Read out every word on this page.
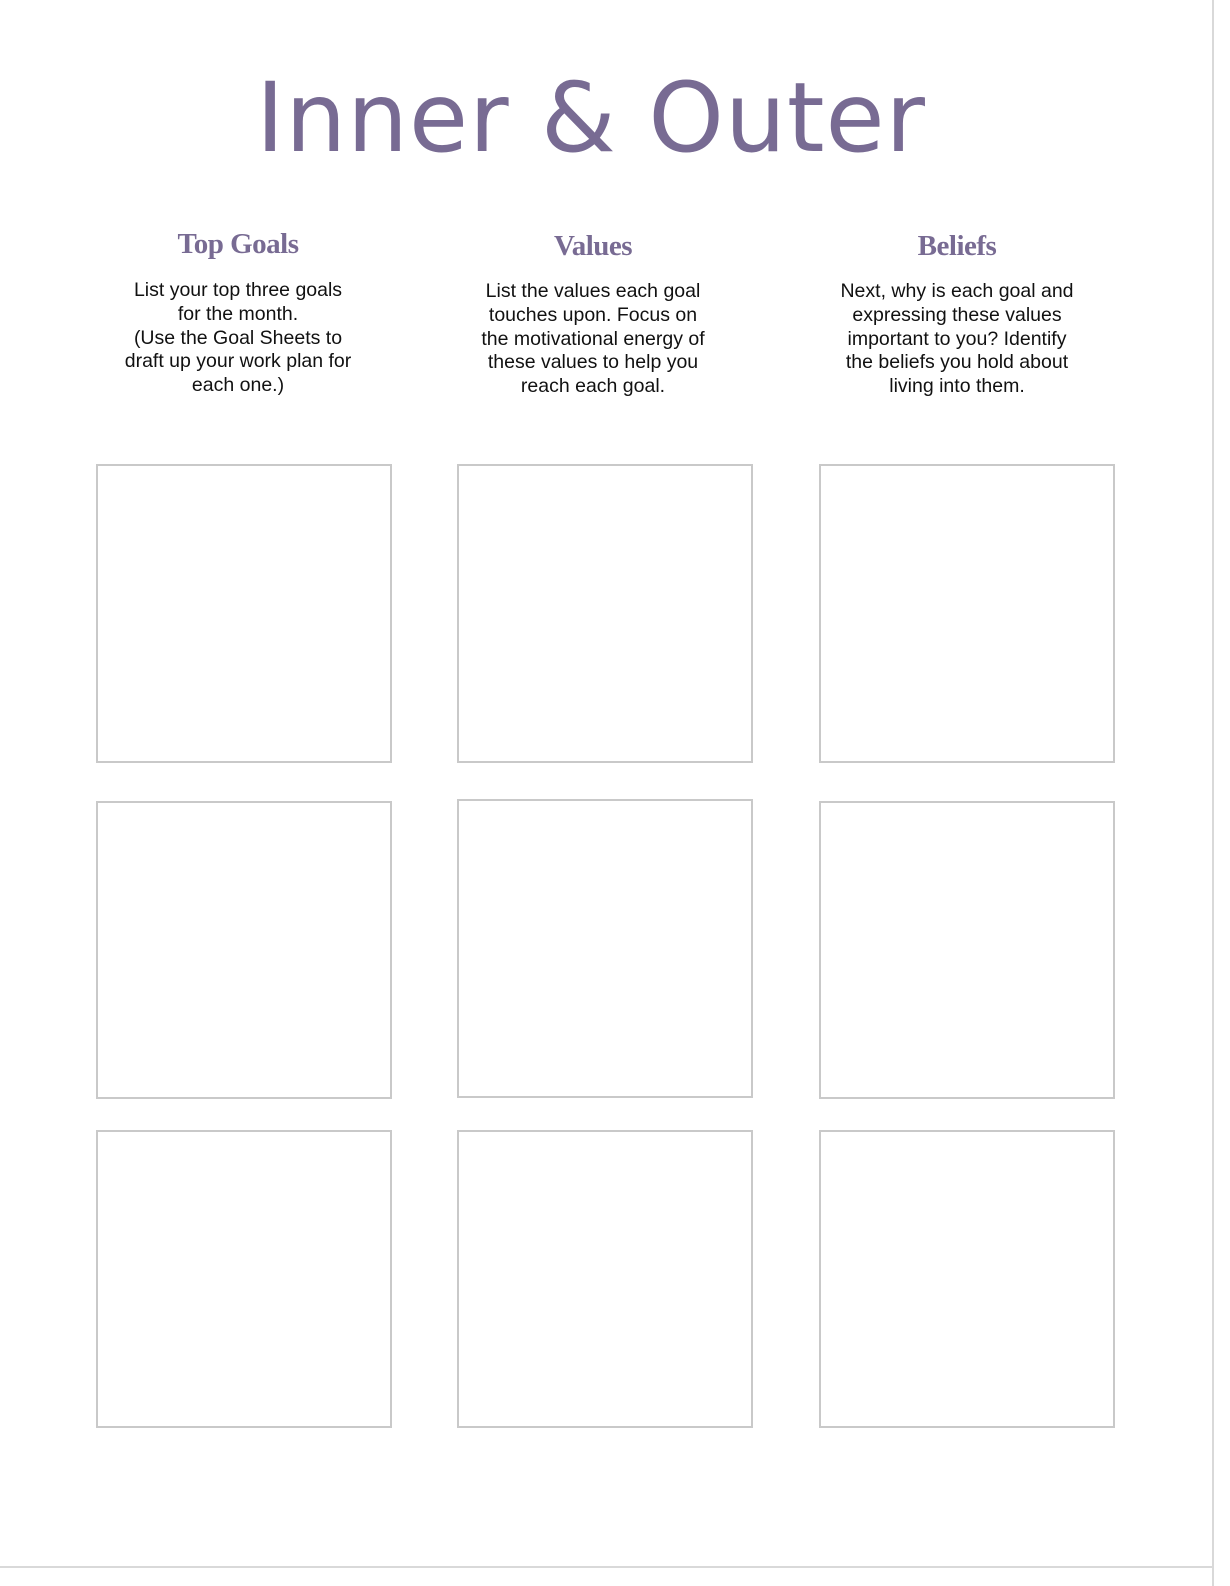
Inner & Outer
Top Goals
List your top three goals
for the month.
(Use the Goal Sheets to
draft up your work plan for
each one.)
Values
List the values each goal
touches upon. Focus on
the motivational energy of
these values to help you
reach each goal.
Beliefs
Next, why is each goal and
expressing these values
important to you? Identify
the beliefs you hold about
living into them.
